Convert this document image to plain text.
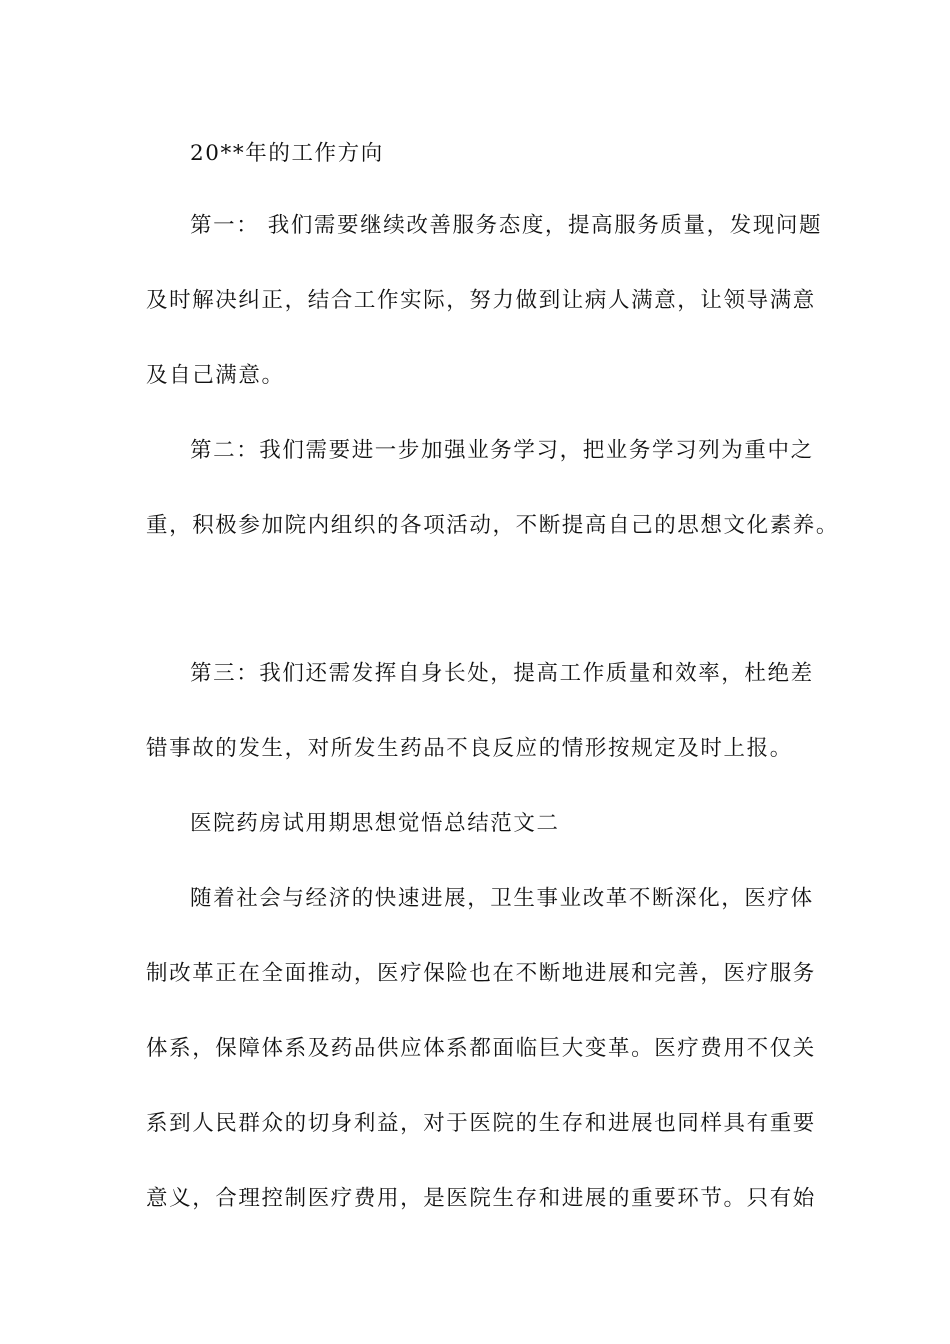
20**年的工作方向
第一： 我们需要继续改善服务态度，提高服务质量，发现问题
及时解决纠正，结合工作实际，努力做到让病人满意，让领导满意
及自己满意。
第二：我们需要进一步加强业务学习，把业务学习列为重中之
重，积极参加院内组织的各项活动，不断提高自己的思想文化素养。
第三：我们还需发挥自身长处，提高工作质量和效率，杜绝差
错事故的发生，对所发生药品不良反应的情形按规定及时上报。
医院药房试用期思想觉悟总结范文二
随着社会与经济的快速进展，卫生事业改革不断深化，医疗体
制改革正在全面推动，医疗保险也在不断地进展和完善，医疗服务
体系，保障体系及药品供应体系都面临巨大变革。医疗费用不仅关
系到人民群众的切身利益，对于医院的生存和进展也同样具有重要
意义，合理控制医疗费用，是医院生存和进展的重要环节。只有始
